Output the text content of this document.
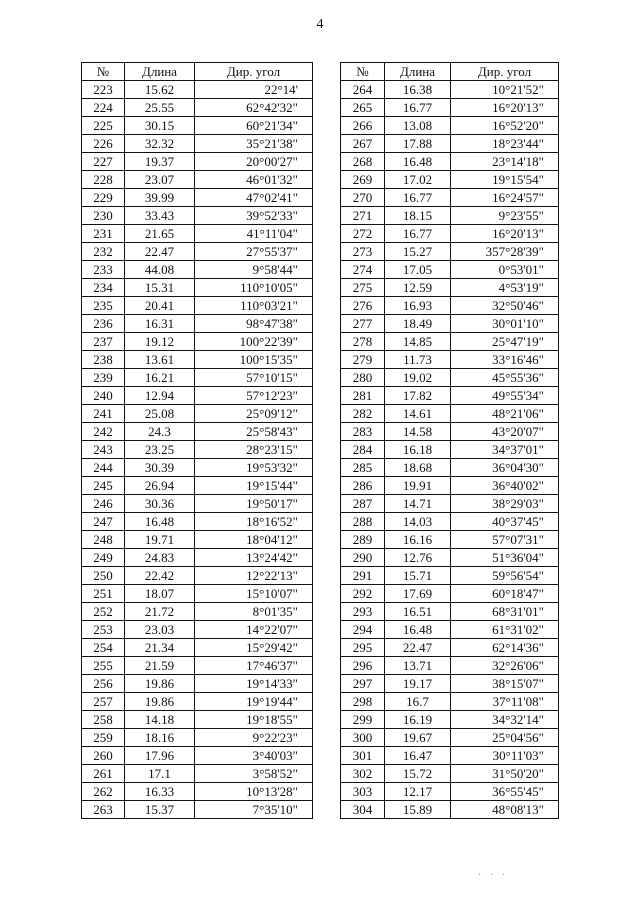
4
№	Длина	Дир. угол
223	15.62	22°14'
224	25.55	62°42'32"
225	30.15	60°21'34"
226	32.32	35°21'38"
227	19.37	20°00'27"
228	23.07	46°01'32"
229	39.99	47°02'41"
230	33.43	39°52'33"
231	21.65	41°11'04"
232	22.47	27°55'37"
233	44.08	9°58'44"
234	15.31	110°10'05"
235	20.41	110°03'21"
236	16.31	98°47'38"
237	19.12	100°22'39"
238	13.61	100°15'35"
239	16.21	57°10'15"
240	12.94	57°12'23"
241	25.08	25°09'12"
242	24.3	25°58'43"
243	23.25	28°23'15"
244	30.39	19°53'32"
245	26.94	19°15'44"
246	30.36	19°50'17"
247	16.48	18°16'52"
248	19.71	18°04'12"
249	24.83	13°24'42"
250	22.42	12°22'13"
251	18.07	15°10'07"
252	21.72	8°01'35"
253	23.03	14°22'07"
254	21.34	15°29'42"
255	21.59	17°46'37"
256	19.86	19°14'33"
257	19.86	19°19'44"
258	14.18	19°18'55"
259	18.16	9°22'23"
260	17.96	3°40'03"
261	17.1	3°58'52"
262	16.33	10°13'28"
263	15.37	7°35'10"
№	Длина	Дир. угол
264	16.38	10°21'52"
265	16.77	16°20'13"
266	13.08	16°52'20"
267	17.88	18°23'44"
268	16.48	23°14'18"
269	17.02	19°15'54"
270	16.77	16°24'57"
271	18.15	9°23'55"
272	16.77	16°20'13"
273	15.27	357°28'39"
274	17.05	0°53'01"
275	12.59	4°53'19"
276	16.93	32°50'46"
277	18.49	30°01'10"
278	14.85	25°47'19"
279	11.73	33°16'46"
280	19.02	45°55'36"
281	17.82	49°55'34"
282	14.61	48°21'06"
283	14.58	43°20'07"
284	16.18	34°37'01"
285	18.68	36°04'30"
286	19.91	36°40'02"
287	14.71	38°29'03"
288	14.03	40°37'45"
289	16.16	57°07'31"
290	12.76	51°36'04"
291	15.71	59°56'54"
292	17.69	60°18'47"
293	16.51	68°31'01"
294	16.48	61°31'02"
295	22.47	62°14'36"
296	13.71	32°26'06"
297	19.17	38°15'07"
298	16.7	37°11'08"
299	16.19	34°32'14"
300	19.67	25°04'56"
301	16.47	30°11'03"
302	15.72	31°50'20"
303	12.17	36°55'45"
304	15.89	48°08'13"
· · ·
